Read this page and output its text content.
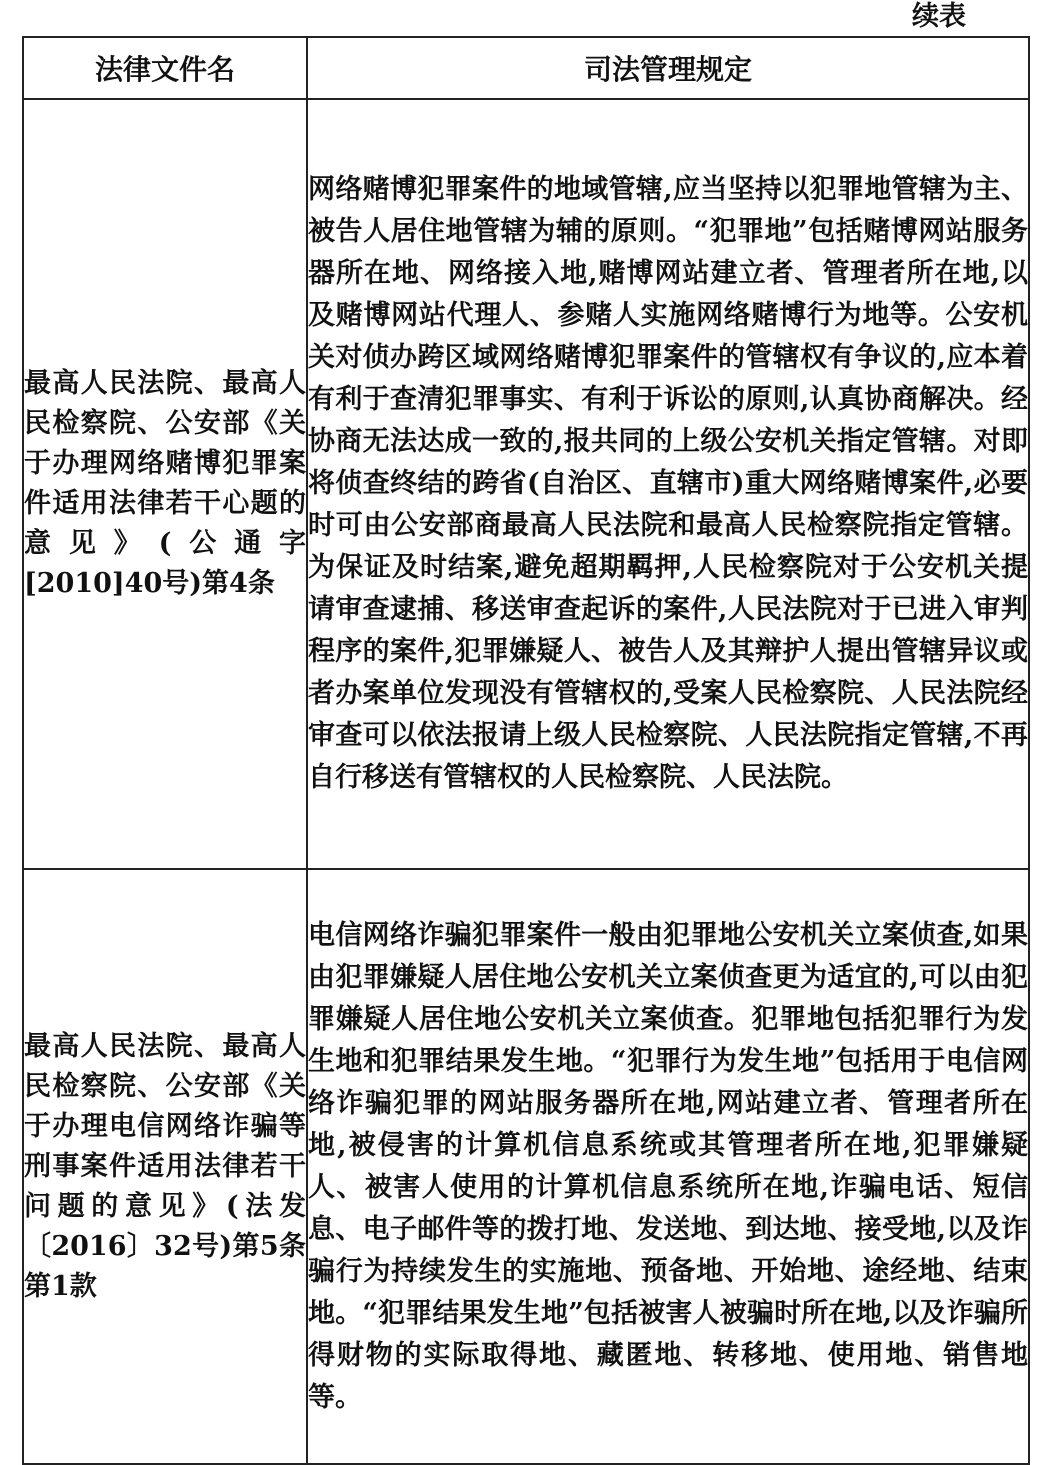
续表
法律文件名	司法管理规定
最高人民法院、最高人民检察院、公安部《关于办理网络赌博犯罪案件适用法律若干心题的意见》(公通字[2010]40号)第4条	网络赌博犯罪案件的地域管辖,应当坚持以犯罪地管辖为主、被告人居住地管辖为辅的原则。“犯罪地”包括赌博网站服务器所在地、网络接入地,赌博网站建立者、管理者所在地,以及赌博网站代理人、参赌人实施网络赌博行为地等。公安机关对侦办跨区域网络赌博犯罪案件的管辖权有争议的,应本着有利于查清犯罪事实、有利于诉讼的原则,认真协商解决。经协商无法达成一致的,报共同的上级公安机关指定管辖。对即将侦查终结的跨省(自治区、直辖市)重大网络赌博案件,必要时可由公安部商最高人民法院和最高人民检察院指定管辖。为保证及时结案,避免超期羁押,人民检察院对于公安机关提请审查逮捕、移送审查起诉的案件,人民法院对于已进入审判程序的案件,犯罪嫌疑人、被告人及其辩护人提出管辖异议或者办案单位发现没有管辖权的,受案人民检察院、人民法院经审查可以依法报请上级人民检察院、人民法院指定管辖,不再自行移送有管辖权的人民检察院、人民法院。
最高人民法院、最高人民检察院、公安部《关于办理电信网络诈骗等刑事案件适用法律若干问题的意见》(法发〔2016〕32号)第5条第1款	电信网络诈骗犯罪案件一般由犯罪地公安机关立案侦查,如果由犯罪嫌疑人居住地公安机关立案侦查更为适宜的,可以由犯罪嫌疑人居住地公安机关立案侦查。犯罪地包括犯罪行为发生地和犯罪结果发生地。“犯罪行为发生地”包括用于电信网络诈骗犯罪的网站服务器所在地,网站建立者、管理者所在地,被侵害的计算机信息系统或其管理者所在地,犯罪嫌疑人、被害人使用的计算机信息系统所在地,诈骗电话、短信息、电子邮件等的拨打地、发送地、到达地、接受地,以及诈骗行为持续发生的实施地、预备地、开始地、途经地、结束地。“犯罪结果发生地”包括被害人被骗时所在地,以及诈骗所得财物的实际取得地、藏匿地、转移地、使用地、销售地等。
